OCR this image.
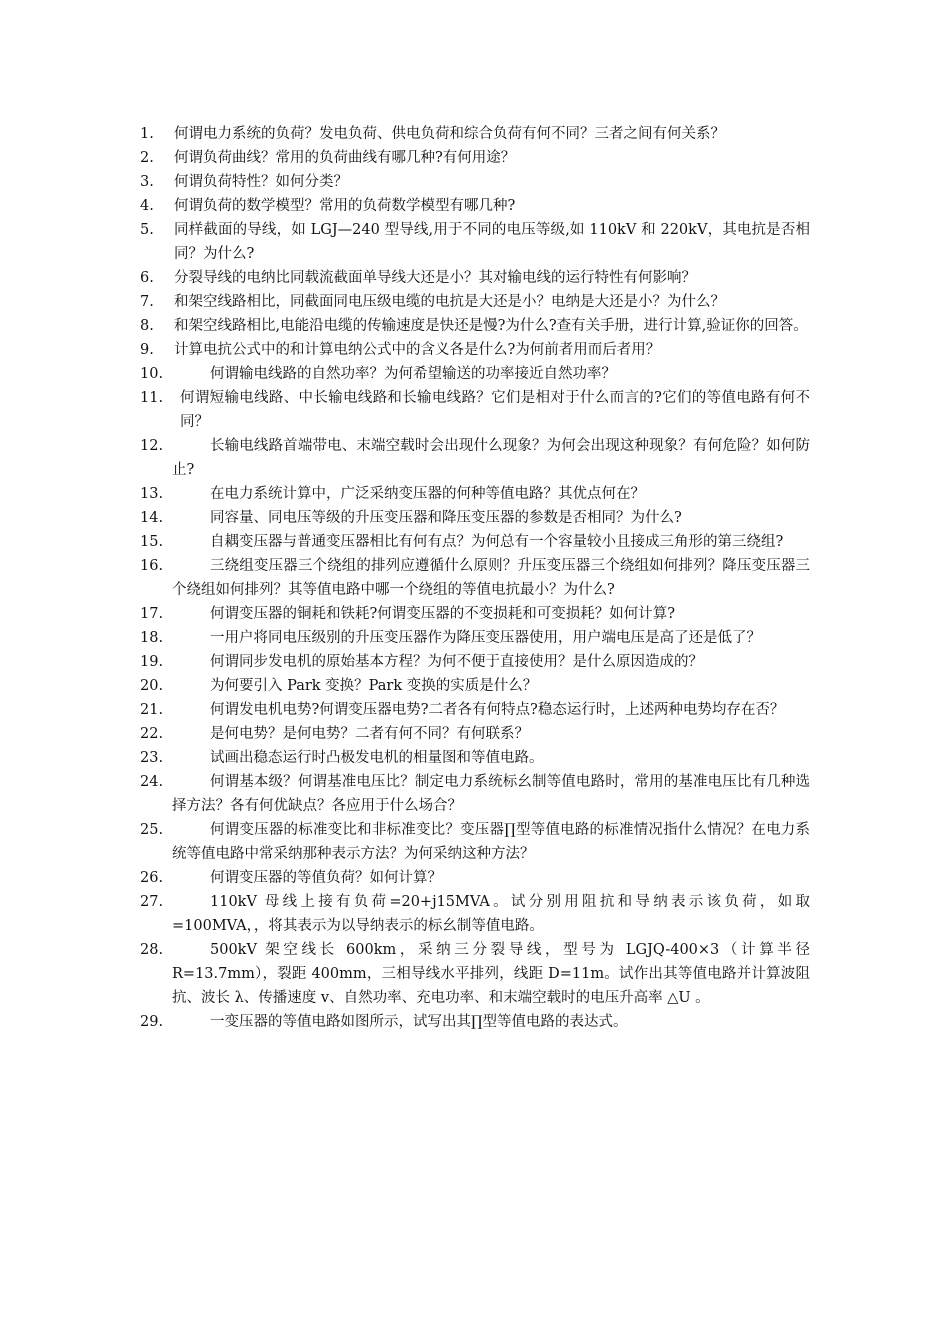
1.	何谓电力系统的负荷？发电负荷、供电负荷和综合负荷有何不同？三者之间有何关系？
2.	何谓负荷曲线？常用的负荷曲线有哪几种?有何用途？
3.	何谓负荷特性？如何分类？
4.	何谓负荷的数学模型？常用的负荷数学模型有哪几种?
5.	同样截面的导线，如 LGJ—240 型导线,用于不同的电压等级,如 110kV 和 220kV，其电抗是否相同？为什么?
6.	分裂导线的电纳比同载流截面单导线大还是小？其对输电线的运行特性有何影响？
7.	和架空线路相比，同截面同电压级电缆的电抗是大还是小？电纳是大还是小？为什么？
8.	和架空线路相比,电能沿电缆的传输速度是快还是慢?为什么?查有关手册，进行计算,验证你的回答。
9.	计算电抗公式中的和计算电纳公式中的含义各是什么?为何前者用而后者用？
10.	何谓输电线路的自然功率？为何希望输送的功率接近自然功率？
11.	何谓短输电线路、中长输电线路和长输电线路？它们是相对于什么而言的?它们的等值电路有何不同？
12.	长输电线路首端带电、末端空载时会出现什么现象？为何会出现这种现象？有何危险？如何防止?
13.	在电力系统计算中，广泛采纳变压器的何种等值电路？其优点何在？
14.	同容量、同电压等级的升压变压器和降压变压器的参数是否相同？为什么?
15.	自耦变压器与普通变压器相比有何有点？为何总有一个容量较小且接成三角形的第三绕组?
16.	三绕组变压器三个绕组的排列应遵循什么原则？升压变压器三个绕组如何排列？降压变压器三个绕组如何排列？其等值电路中哪一个绕组的等值电抗最小？为什么?
17.	何谓变压器的铜耗和铁耗?何谓变压器的不变损耗和可变损耗？如何计算?
18.	一用户将同电压级别的升压变压器作为降压变压器使用，用户端电压是高了还是低了？
19.	何谓同步发电机的原始基本方程？为何不便于直接使用？是什么原因造成的？
20.	为何要引入 Park 变换？Park 变换的实质是什么？
21.	何谓发电机电势?何谓变压器电势?二者各有何特点?稳态运行时，上述两种电势均存在否？
22.	是何电势？是何电势？二者有何不同？有何联系？
23.	试画出稳态运行时凸极发电机的相量图和等值电路。
24.	何谓基本级？何谓基准电压比？制定电力系统标幺制等值电路时，常用的基准电压比有几种选择方法？各有何优缺点？各应用于什么场合？
25.	何谓变压器的标准变比和非标准变比？变压器∏型等值电路的标准情况指什么情况？在电力系统等值电路中常采纳那种表示方法？为何采纳这种方法？
26.	何谓变压器的等值负荷？如何计算？
27.	110kV 母线上接有负荷=20+j15MVA。试分别用阻抗和导纳表示该负荷，如取=100MVA，，将其表示为以导纳表示的标幺制等值电路。
28.	500kV 架空线长 600km，采纳三分裂导线，型号为 LGJQ-400×3（计算半径 R=13.7mm），裂距 400mm，三相导线水平排列，线距 D=11m。试作出其等值电路并计算波阻抗、波长 λ、传播速度 v、自然功率、充电功率、和末端空载时的电压升高率 △U 。
29.	一变压器的等值电路如图所示，试写出其∏型等值电路的表达式。
